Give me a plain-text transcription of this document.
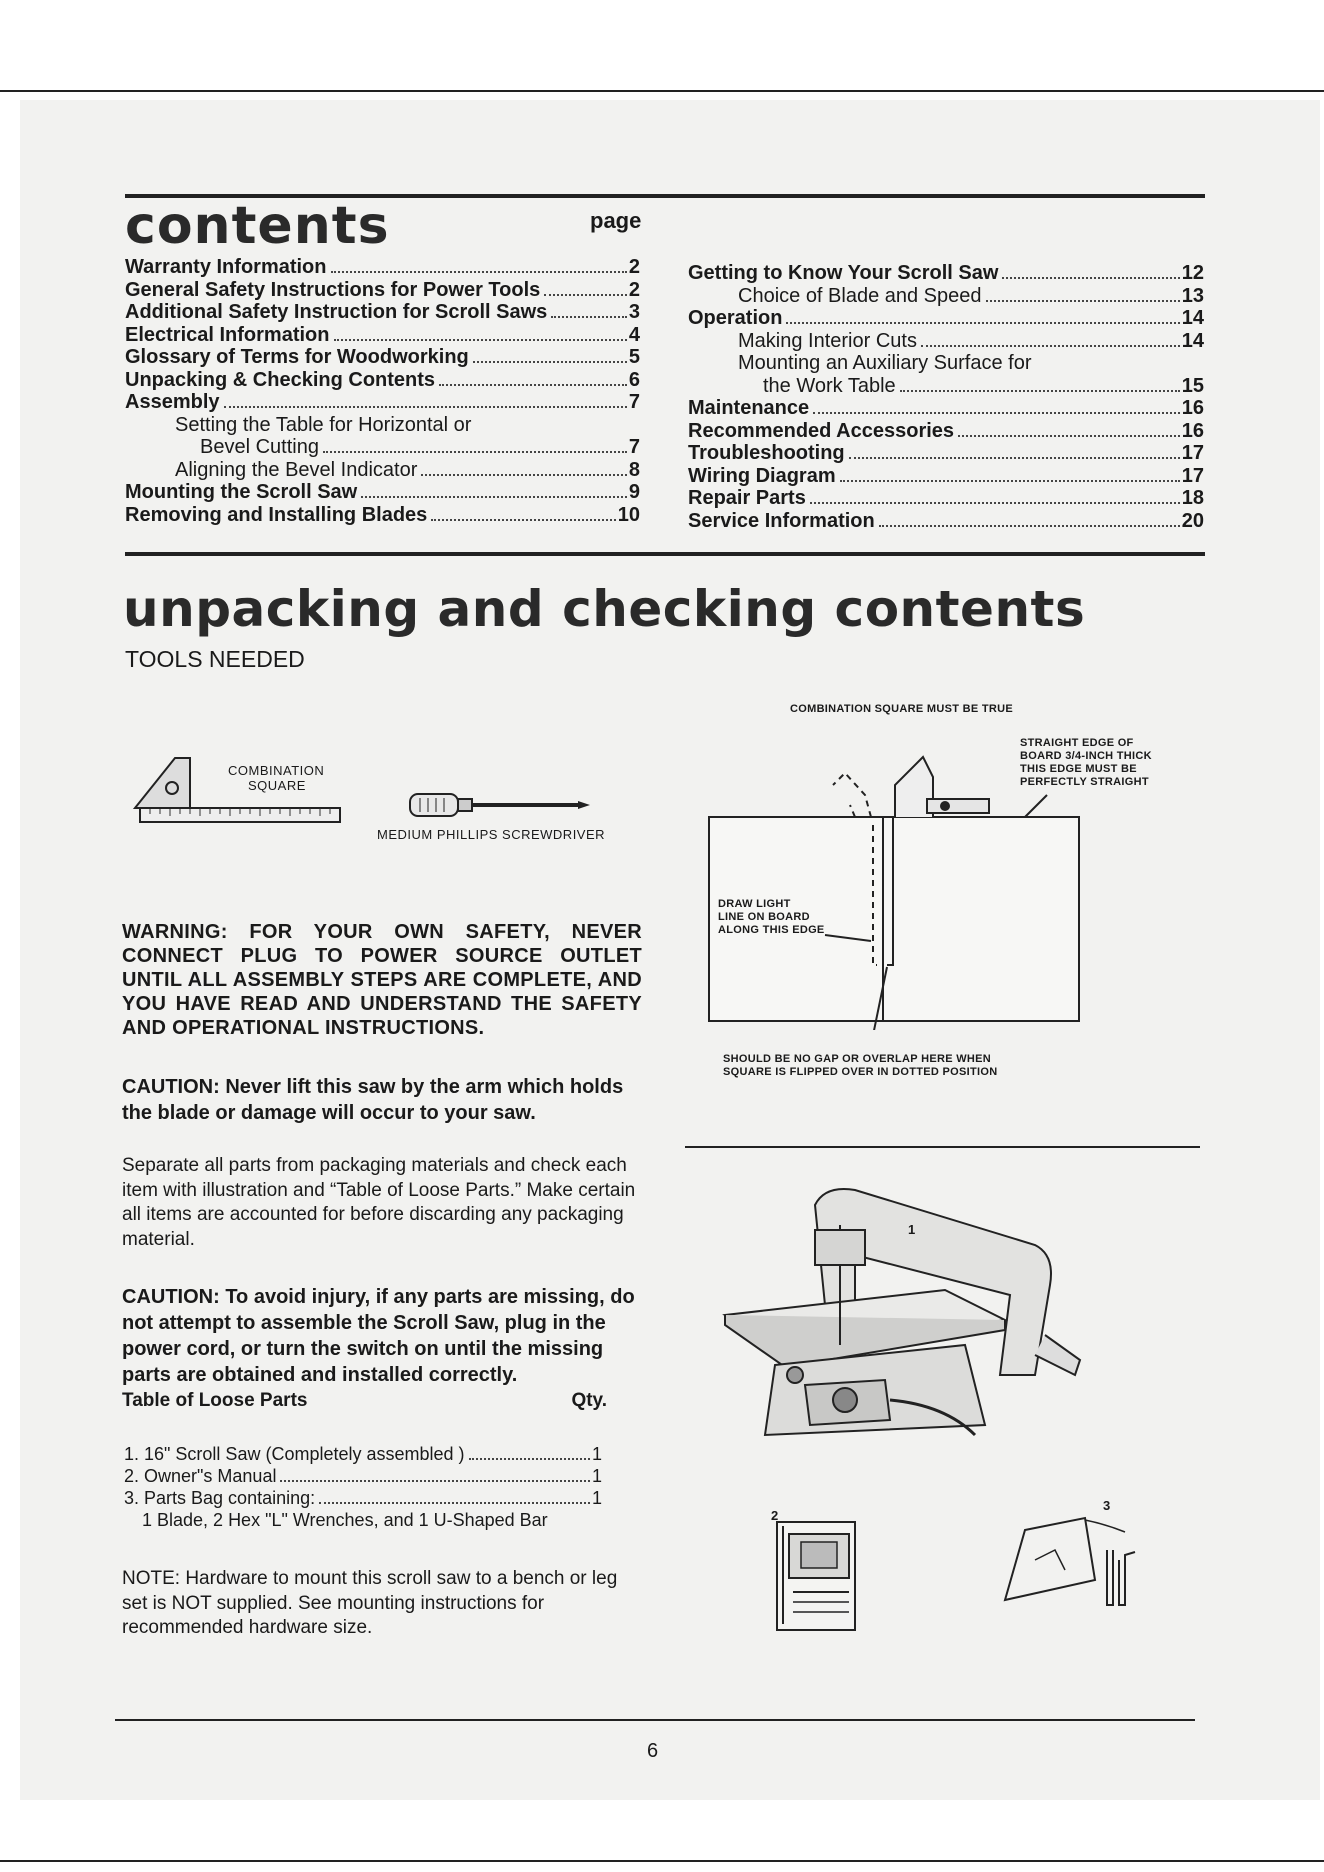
contents	page
Warranty Information	2
General Safety Instructions for Power Tools	2
Additional Safety Instruction for Scroll Saws	3
Electrical Information	4
Glossary of Terms for Woodworking	5
Unpacking & Checking Contents	6
Assembly	7
Setting the Table for Horizontal or
Bevel Cutting	7
Aligning the Bevel Indicator	8
Mounting the Scroll Saw	9
Removing and Installing Blades	10
Getting to Know Your Scroll Saw	12
Choice of Blade and Speed	13
Operation	14
Making Interior Cuts	14
Mounting an Auxiliary Surface for
the Work Table	15
Maintenance	16
Recommended Accessories	16
Troubleshooting	17
Wiring Diagram	17
Repair Parts	18
Service Information	20
unpacking and checking contents
TOOLS NEEDED
COMBINATION
SQUARE
MEDIUM PHILLIPS SCREWDRIVER
WARNING: FOR YOUR OWN SAFETY, NEVER CONNECT PLUG TO POWER SOURCE OUTLET UNTIL ALL ASSEMBLY STEPS ARE COMPLETE, AND YOU HAVE READ AND UNDERSTAND THE SAFETY AND OPERATIONAL INSTRUCTIONS.
CAUTION: Never lift this saw by the arm which holds the blade or damage will occur to your saw.
Separate all parts from packaging materials and check each item with illustration and “Table of Loose Parts.” Make certain all items are accounted for before discarding any packaging material.
CAUTION: To avoid injury, if any parts are missing, do not attempt to assemble the Scroll Saw, plug in the power cord, or turn the switch on until the missing parts are obtained and installed correctly.
Table of Loose Parts	Qty.
1. 16" Scroll Saw (Completely assembled )	1
2. Owner"s Manual	1
3. Parts Bag containing:	1
1 Blade, 2 Hex "L" Wrenches, and 1 U-Shaped Bar
NOTE: Hardware to mount this scroll saw to a bench or leg set is NOT supplied. See mounting instructions for recommended hardware size.
COMBINATION SQUARE MUST BE TRUE
STRAIGHT EDGE OF
BOARD 3/4-INCH THICK
THIS EDGE MUST BE
PERFECTLY STRAIGHT
DRAW LIGHT
LINE ON BOARD
ALONG THIS EDGE
SHOULD BE NO GAP OR OVERLAP HERE WHEN
SQUARE IS FLIPPED OVER IN DOTTED POSITION
1
2
3
6
